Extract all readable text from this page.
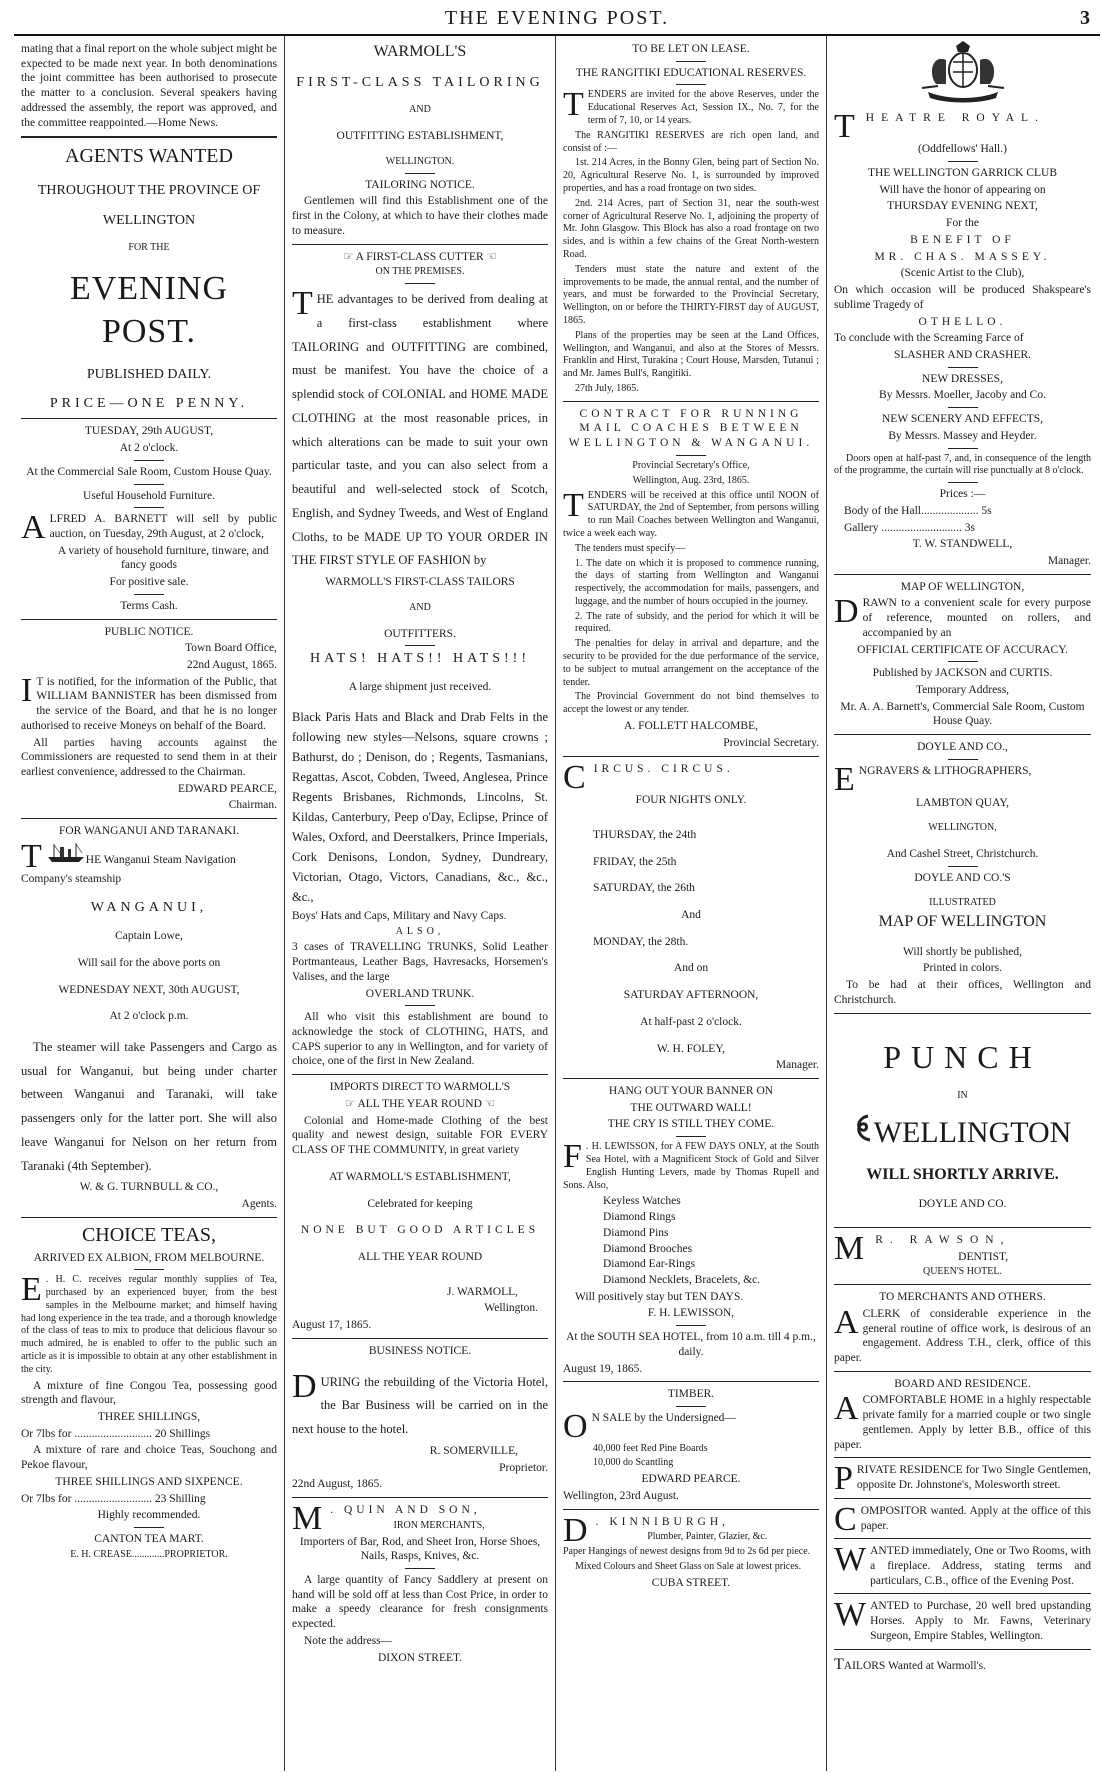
THE EVENING POST.	3

mating that a final report on the whole subject might be expected to be made next year. In both denominations the joint committee has been authorised to prosecute the matter to a conclusion. Several speakers having addressed the assembly, the report was approved, and the committee reappointed.—Home News.

AGENTS WANTED

THROUGHOUT THE PROVINCE OF

WELLINGTON

FOR THE

EVENING POST.

PUBLISHED DAILY.

PRICE—ONE PENNY.

TUESDAY, 29th AUGUST,

At 2 o'clock.

At the Commercial Sale Room, Custom House Quay.

Useful Household Furniture.

ALFRED A. BARNETT will sell by public auction, on Tuesday, 29th August, at 2 o'clock,

A variety of household furniture, tinware, and fancy goods

For positive sale.

Terms Cash.

PUBLIC NOTICE.

Town Board Office,

22nd August, 1865.

I T is notified, for the information of the Public, that WILLIAM BANNISTER has been dismissed from the service of the Board, and that he is no longer authorised to receive Moneys on behalf of the Board.

All parties having accounts against the Commissioners are requested to send them in at their earliest convenience, addressed to the Chairman.

EDWARD PEARCE,

Chairman.

FOR WANGANUI AND TARANAKI.

T	HE Wanganui Steam Navigation

Company's steamship

WANGANUI,

Captain Lowe,

Will sail for the above ports on

WEDNESDAY NEXT, 30th AUGUST,

At 2 o'clock p.m.

The steamer will take Passengers and Cargo as usual for Wanganui, but being under charter between Wanganui and Taranaki, will take passengers only for the latter port. She will also leave Wanganui for Nelson on her return from Taranaki (4th September).

W. & G. TURNBULL & CO.,

Agents.

CHOICE TEAS,

ARRIVED EX ALBION, FROM MELBOURNE.

E . H. C. receives regular monthly supplies of Tea, purchased by an experienced buyer, from the best samples in the Melbourne market; and himself having had long experience in the tea trade, and a thorough knowledge of the class of teas to mix to produce that delicious flavour so much admired, he is enabled to offer to the public such an article as it is impossible to obtain at any other establishment in the city.

A mixture of fine Congou Tea, possessing good strength and flavour,

THREE SHILLINGS,

Or 7lbs for ........................... 20 Shillings

A mixture of rare and choice Teas, Souchong and Pekoe flavour,

THREE SHILLINGS AND SIXPENCE.

Or 7lbs for ........................... 23 Shilling

Highly recommended.

CANTON TEA MART.

E. H. CREASE.............PROPRIETOR.

WARMOLL'S

FIRST-CLASS TAILORING

AND

OUTFITTING ESTABLISHMENT,

WELLINGTON.

TAILORING NOTICE.

Gentlemen will find this Establishment one of the first in the Colony, at which to have their clothes made to measure.

☞ A FIRST-CLASS CUTTER ☜

ON THE PREMISES.

THE advantages to be derived from dealing at a first-class establishment where TAILORING and OUTFITTING are combined, must be manifest. You have the choice of a splendid stock of COLONIAL and HOME MADE CLOTHING at the most reasonable prices, in which alterations can be made to suit your own particular taste, and you can also select from a beautiful and well-selected stock of Scotch, English, and Sydney Tweeds, and West of England Cloths, to be MADE UP TO YOUR ORDER IN THE FIRST STYLE OF FASHION by

WARMOLL'S FIRST-CLASS TAILORS

AND

OUTFITTERS.

HATS! HATS!! HATS!!!

A large shipment just received.

Black Paris Hats and Black and Drab Felts in the following new styles—Nelsons, square crowns ; Bathurst, do ; Denison, do ; Regents, Tasmanians, Regattas, Ascot, Cobden, Tweed, Anglesea, Prince Regents Brisbanes, Richmonds, Lincolns, St. Kildas, Canterbury, Peep o'Day, Eclipse, Prince of Wales, Oxford, and Deerstalkers, Prince Imperials, Cork Denisons, London, Sydney, Dundreary, Victorian, Otago, Victors, Canadians, &c., &c., &c.,

Boys' Hats and Caps, Military and Navy Caps.

ALSO,

3 cases of TRAVELLING TRUNKS, Solid Leather Portmanteaus, Leather Bags, Havresacks, Horsemen's Valises, and the large

OVERLAND TRUNK.

All who visit this establishment are bound to acknowledge the stock of CLOTHING, HATS, and CAPS superior to any in Wellington, and for variety of choice, one of the first in New Zealand.

IMPORTS DIRECT TO WARMOLL'S

☞ ALL THE YEAR ROUND ☜

Colonial and Home-made Clothing of the best quality and newest design, suitable FOR EVERY CLASS OF THE COMMUNITY, in great variety

AT WARMOLL'S ESTABLISHMENT,

Celebrated for keeping

NONE BUT GOOD ARTICLES

ALL THE YEAR ROUND

J. WARMOLL,

Wellington.

August 17, 1865.

BUSINESS NOTICE.

DURING the rebuilding of the Victoria Hotel, the Bar Business will be carried on in the next house to the hotel.

R. SOMERVILLE,

Proprietor.

22nd August, 1865.

M . QUIN AND SON,

IRON MERCHANTS,

Importers of Bar, Rod, and Sheet Iron, Horse Shoes, Nails, Rasps, Knives, &c.

A large quantity of Fancy Saddlery at present on hand will be sold off at less than Cost Price, in order to make a speedy clearance for fresh consignments expected.

Note the address—

DIXON STREET.

TO BE LET ON LEASE.

THE RANGITIKI EDUCATIONAL RESERVES.

TENDERS are invited for the above Reserves, under the Educational Reserves Act, Session IX., No. 7, for the term of 7, 10, or 14 years.

The RANGITIKI RESERVES are rich open land, and consist of :—

1st. 214 Acres, in the Bonny Glen, being part of Section No. 20, Agricultural Reserve No. 1, is surrounded by improved properties, and has a road frontage on two sides.

2nd. 214 Acres, part of Section 31, near the south-west corner of Agricultural Reserve No. 1, adjoining the property of Mr. John Glasgow. This Block has also a road frontage on two sides, and is within a few chains of the Great North-western Road.

Tenders must state the nature and extent of the improvements to be made, the annual rental, and the number of years, and must be forwarded to the Provincial Secretary, Wellington, on or before the THIRTY-FIRST day of AUGUST, 1865.

Plans of the properties may be seen at the Land Offices, Wellington, and Wanganui, and also at the Stores of Messrs. Franklin and Hirst, Turakina ; Court House, Marsden, Tutanui ; and Mr. James Bull's, Rangitiki.

27th July, 1865.

CONTRACT FOR RUNNING MAIL COACHES BETWEEN WELLINGTON & WANGANUI.

Provincial Secretary's Office,

Wellington, Aug. 23rd, 1865.

TENDERS will be received at this office until NOON of SATURDAY, the 2nd of September, from persons willing to run Mail Coaches between Wellington and Wanganui, twice a week each way.

The tenders must specify—

1. The date on which it is proposed to commence running, the days of starting from Wellington and Wanganui respectively, the accommodation for mails, passengers, and luggage, and the number of hours occupied in the journey.

2. The rate of subsidy, and the period for which it will be required.

The penalties for delay in arrival and departure, and the security to be provided for the due performance of the service, to be subject to mutual arrangement on the acceptance of the tender.

The Provincial Government do not bind themselves to accept the lowest or any tender.

A. FOLLETT HALCOMBE,

Provincial Secretary.

CIRCUS. CIRCUS.

FOUR NIGHTS ONLY.

THURSDAY, the 24th

FRIDAY, the 25th

SATURDAY, the 26th

And

MONDAY, the 28th.

And on

SATURDAY AFTERNOON,

At half-past 2 o'clock.

W. H. FOLEY,

Manager.

HANG OUT YOUR BANNER ON

THE OUTWARD WALL!

THE CRY IS STILL THEY COME.

F . H. LEWISSON, for A FEW DAYS ONLY, at the South Sea Hotel, with a Magnificent Stock of Gold and Silver English Hunting Levers, made by Thomas Rupell and Sons. Also,

Keyless Watches
Diamond Rings
Diamond Pins
Diamond Brooches
Diamond Ear-Rings
Diamond Necklets, Bracelets, &c.

Will positively stay but TEN DAYS.

F. H. LEWISSON,

At the SOUTH SEA HOTEL, from 10 a.m. till 4 p.m., daily.

August 19, 1865.

TIMBER.

O N SALE by the Undersigned—

40,000 feet Red Pine Boards

10,000 do Scantling

EDWARD PEARCE.

Wellington, 23rd August.

D . KINNIBURGH,

Plumber, Painter, Glazier, &c.

Paper Hangings of newest designs from 9d to 2s 6d per piece.

Mixed Colours and Sheet Glass on Sale at lowest prices.

CUBA STREET.

THEATRE ROYAL.

(Oddfellows' Hall.)

THE WELLINGTON GARRICK CLUB

Will have the honor of appearing on

THURSDAY EVENING NEXT,

For the

BENEFIT OF

MR. CHAS. MASSEY.

(Scenic Artist to the Club),

On which occasion will be produced Shakspeare's sublime Tragedy of

OTHELLO.

To conclude with the Screaming Farce of

SLASHER AND CRASHER.

NEW DRESSES,

By Messrs. Moeller, Jacoby and Co.

NEW SCENERY AND EFFECTS,

By Messrs. Massey and Heyder.

Doors open at half-past 7, and, in consequence of the length of the programme, the curtain will rise punctually at 8 o'clock.

Prices :—

Body of the Hall.................... 5s

Gallery ............................ 3s

T. W. STANDWELL,

Manager.

MAP OF WELLINGTON,

DRAWN to a convenient scale for every purpose of reference, mounted on rollers, and accompanied by an

OFFICIAL CERTIFICATE OF ACCURACY.

Published by JACKSON and CURTIS.

Temporary Address,

Mr. A. A. Barnett's, Commercial Sale Room, Custom House Quay.

DOYLE AND CO.,

ENGRAVERS & LITHOGRAPHERS,

LAMBTON QUAY,

WELLINGTON,

And Cashel Street, Christchurch.

DOYLE AND CO.'S

ILLUSTRATED

MAP OF WELLINGTON

Will shortly be published,

Printed in colors.

To be had at their offices, Wellington and Christchurch.

PUNCH

IN

WELLINGTON

WILL SHORTLY ARRIVE.

DOYLE AND CO.

M R. RAWSON,

DENTIST,

QUEEN'S HOTEL.

TO MERCHANTS AND OTHERS.

ACLERK of considerable experience in the general routine of office work, is desirous of an engagement. Address T.H., clerk, office of this paper.

BOARD AND RESIDENCE.

ACOMFORTABLE HOME in a highly respectable private family for a married couple or two single gentlemen. Apply by letter B.B., office of this paper.

PRIVATE RESIDENCE for Two Single Gentlemen, opposite Dr. Johnstone's, Molesworth street.

COMPOSITOR wanted. Apply at the office of this paper.

WANTED immediately, One or Two Rooms, with a fireplace. Address, stating terms and particulars, C.B., office of the Evening Post.

WANTED to Purchase, 20 well bred upstanding Horses. Apply to Mr. Fawns, Veterinary Surgeon, Empire Stables, Wellington.

TAILORS Wanted at Warmoll's.
